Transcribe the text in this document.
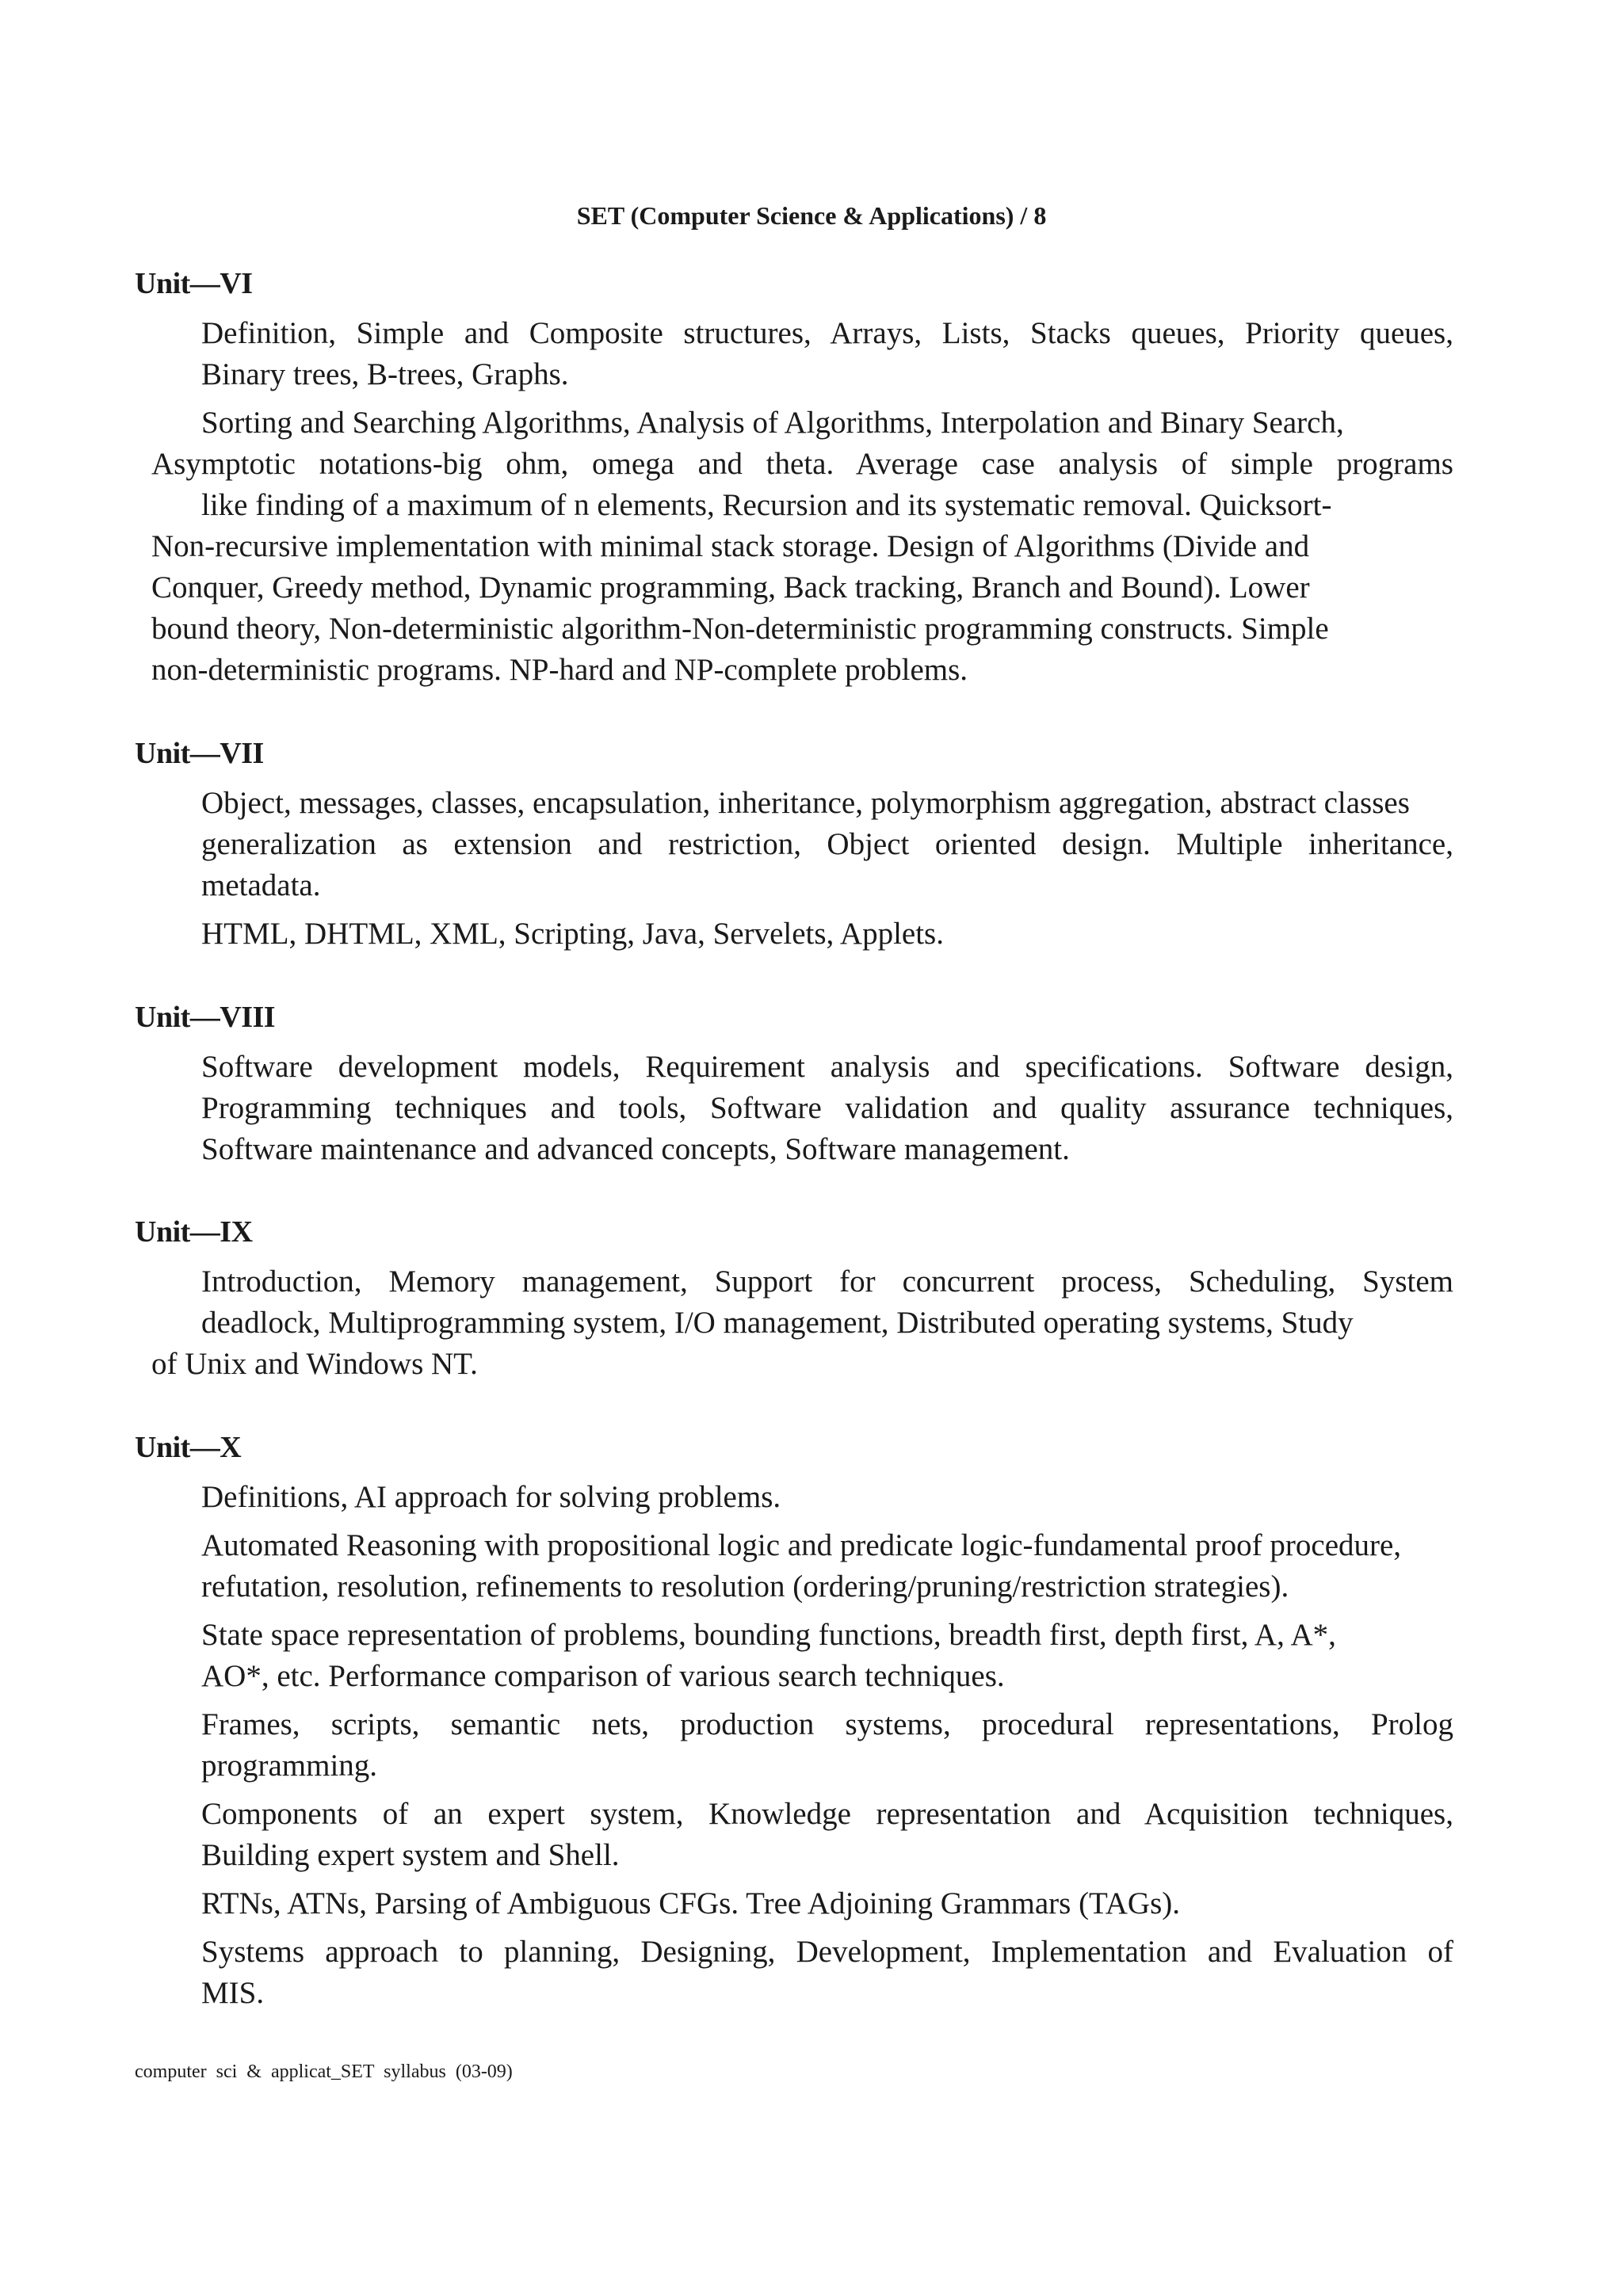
SET (Computer Science & Applications) / 8
Unit—VI
Definition, Simple and Composite structures, Arrays, Lists, Stacks queues, Priority queues,
Binary trees, B-trees, Graphs.
Sorting and Searching Algorithms, Analysis of Algorithms, Interpolation and Binary Search,
Asymptotic notations-big ohm, omega and theta. Average case analysis of simple programs
like finding of a maximum of n elements, Recursion and its systematic removal. Quicksort-
Non-recursive implementation with minimal stack storage. Design of Algorithms (Divide and
Conquer, Greedy method, Dynamic programming, Back tracking, Branch and Bound). Lower
bound theory, Non-deterministic algorithm-Non-deterministic programming constructs. Simple
non-deterministic programs. NP-hard and NP-complete problems.
Unit—VII
Object, messages, classes, encapsulation, inheritance, polymorphism aggregation, abstract classes
generalization as extension and restriction, Object oriented design. Multiple inheritance,
metadata.
HTML, DHTML, XML, Scripting, Java, Servelets, Applets.
Unit—VIII
Software development models, Requirement analysis and specifications. Software design,
Programming techniques and tools, Software validation and quality assurance techniques,
Software maintenance and advanced concepts, Software management.
Unit—IX
Introduction, Memory management, Support for concurrent process, Scheduling, System
deadlock, Multiprogramming system, I/O management, Distributed operating systems, Study
of Unix and Windows NT.
Unit—X
Definitions, AI approach for solving problems.
Automated Reasoning with propositional logic and predicate logic-fundamental proof procedure,
refutation, resolution, refinements to resolution (ordering/pruning/restriction strategies).
State space representation of problems, bounding functions, breadth first, depth first, A, A*,
AO*, etc. Performance comparison of various search techniques.
Frames, scripts, semantic nets, production systems, procedural representations, Prolog
programming.
Components of an expert system, Knowledge representation and Acquisition techniques,
Building expert system and Shell.
RTNs, ATNs, Parsing of Ambiguous CFGs. Tree Adjoining Grammars (TAGs).
Systems approach to planning, Designing, Development, Implementation and Evaluation of
MIS.
computer sci & applicat_SET syllabus (03-09)
